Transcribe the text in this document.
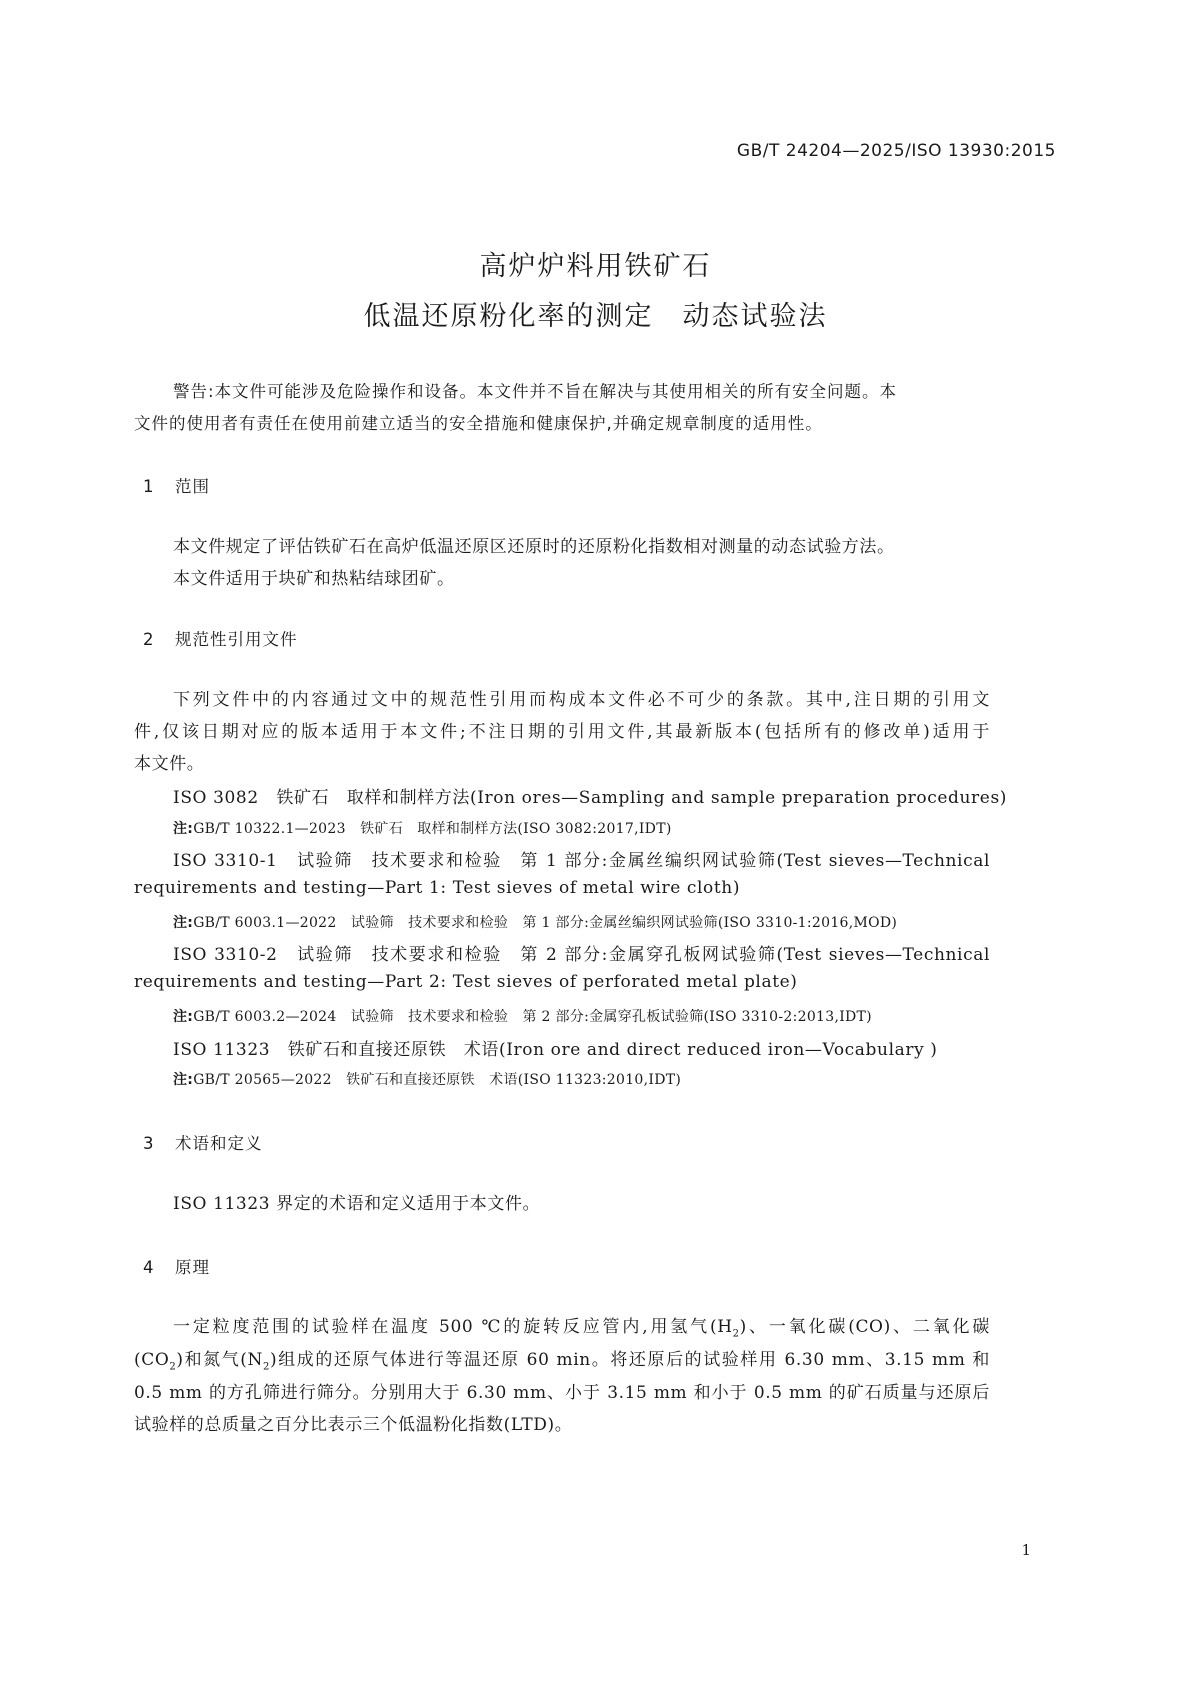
GB/T 24204—2025/ISO 13930:2015
高炉炉料用铁矿石
低温还原粉化率的测定　动态试验法
警告:本文件可能涉及危险操作和设备。本文件并不旨在解决与其使用相关的所有安全问题。本
文件的使用者有责任在使用前建立适当的安全措施和健康保护,并确定规章制度的适用性。
1 范围
本文件规定了评估铁矿石在高炉低温还原区还原时的还原粉化指数相对测量的动态试验方法。
本文件适用于块矿和热粘结球团矿。
2 规范性引用文件
下列文件中的内容通过文中的规范性引用而构成本文件必不可少的条款。其中,注日期的引用文
件,仅该日期对应的版本适用于本文件;不注日期的引用文件,其最新版本(包括所有的修改单)适用于
本文件。
ISO 3082　铁矿石　取样和制样方法(Iron ores—Sampling and sample preparation procedures)
注:GB/T 10322.1—2023　铁矿石　取样和制样方法(ISO 3082:2017,IDT)
ISO 3310-1　试验筛　技术要求和检验　第 1 部分:金属丝编织网试验筛(Test sieves—Technical
requirements and testing—Part 1: Test sieves of metal wire cloth)
注:GB/T 6003.1—2022　试验筛　技术要求和检验　第 1 部分:金属丝编织网试验筛(ISO 3310-1:2016,MOD)
ISO 3310-2　试验筛　技术要求和检验　第 2 部分:金属穿孔板网试验筛(Test sieves—Technical
requirements and testing—Part 2: Test sieves of perforated metal plate)
注:GB/T 6003.2—2024　试验筛　技术要求和检验　第 2 部分:金属穿孔板试验筛(ISO 3310-2:2013,IDT)
ISO 11323　铁矿石和直接还原铁　术语(Iron ore and direct reduced iron—Vocabulary )
注:GB/T 20565—2022　铁矿石和直接还原铁　术语(ISO 11323:2010,IDT)
3 术语和定义
ISO 11323 界定的术语和定义适用于本文件。
4 原理
一定粒度范围的试验样在温度 500 ℃的旋转反应管内,用氢气$(H_2)$、一氧化碳(CO)、二氧化碳
$(CO_2)$和氮气$(N_2)$组成的还原气体进行等温还原 60 min。将还原后的试验样用 6.30 mm、3.15 mm 和
0.5 mm 的方孔筛进行筛分。分别用大于 6.30 mm、小于 3.15 mm 和小于 0.5 mm 的矿石质量与还原后
试验样的总质量之百分比表示三个低温粉化指数(LTD)。
1
